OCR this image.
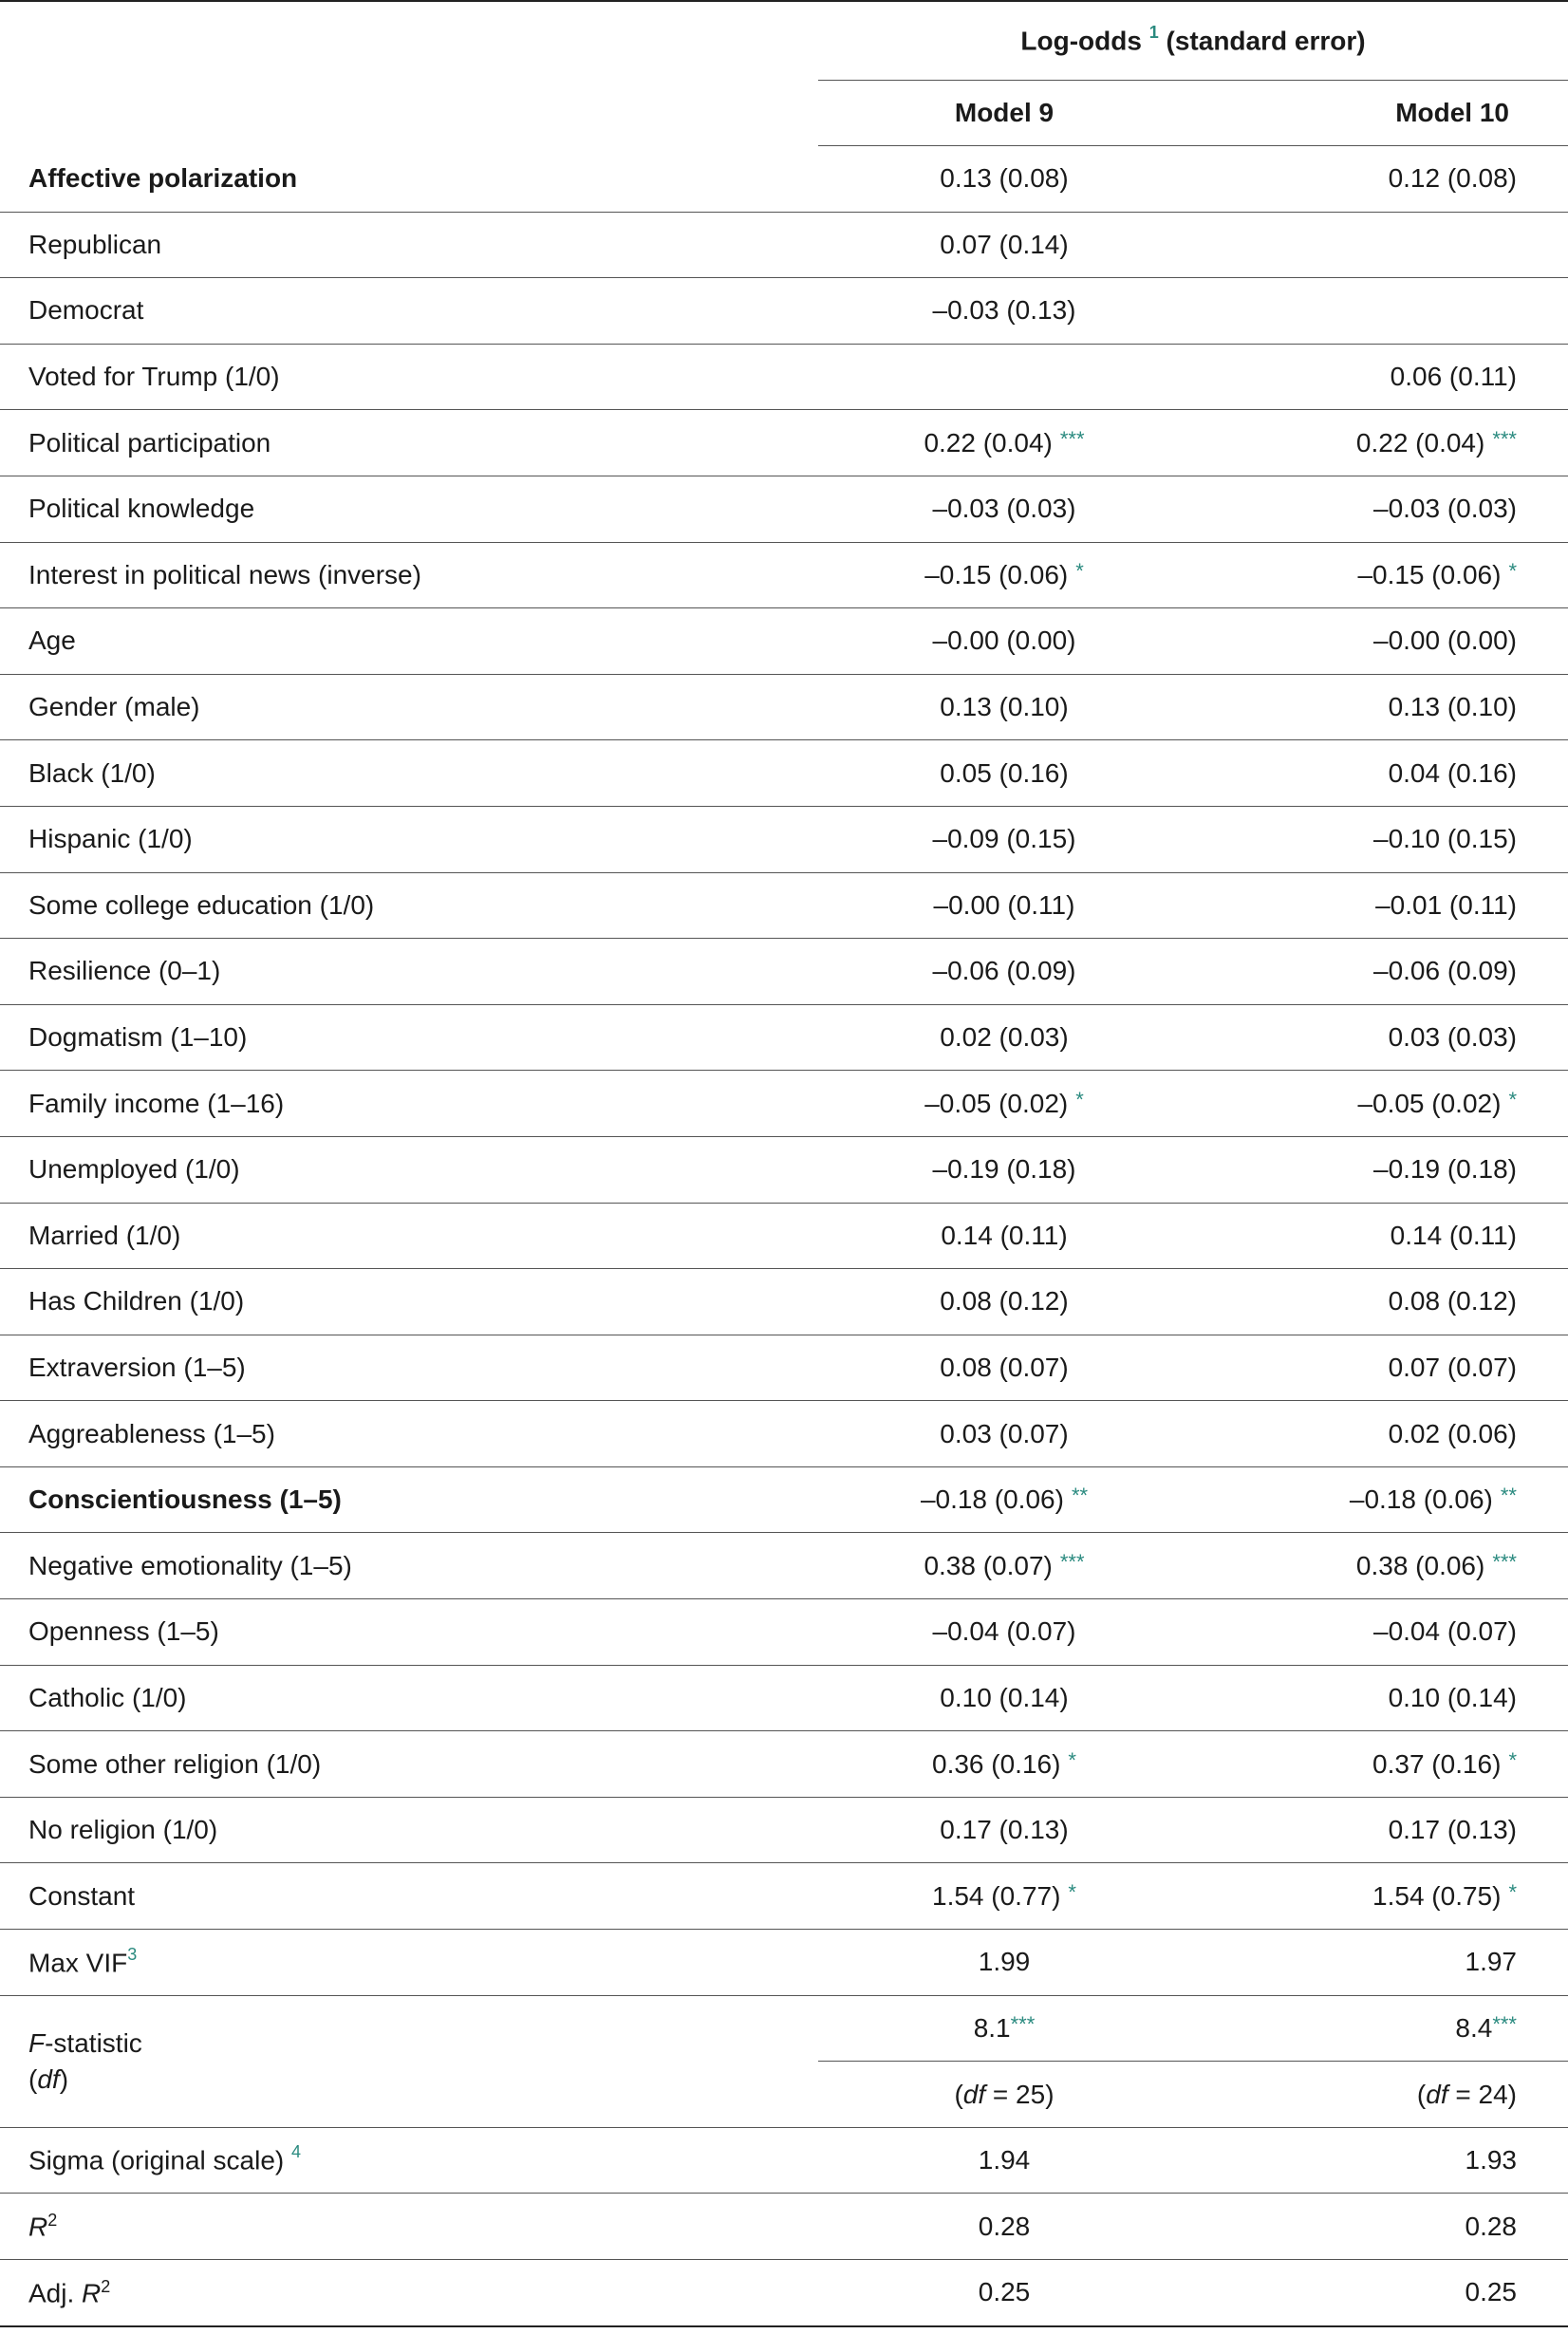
	Log-odds $^1$ (standard error)	
	Model 9	Model 10
Affective polarization	0.13 (0.08)	0.12 (0.08)
Republican	0.07 (0.14)	
Democrat	–0.03 (0.13)	
Voted for Trump (1/0)		0.06 (0.11)
Political participation	0.22 (0.04) ***	0.22 (0.04) ***
Political knowledge	–0.03 (0.03)	–0.03 (0.03)
Interest in political news (inverse)	–0.15 (0.06) *	–0.15 (0.06) *
Age	–0.00 (0.00)	–0.00 (0.00)
Gender (male)	0.13 (0.10)	0.13 (0.10)
Black (1/0)	0.05 (0.16)	0.04 (0.16)
Hispanic (1/0)	–0.09 (0.15)	–0.10 (0.15)
Some college education (1/0)	–0.00 (0.11)	–0.01 (0.11)
Resilience (0–1)	–0.06 (0.09)	–0.06 (0.09)
Dogmatism (1–10)	0.02 (0.03)	0.03 (0.03)
Family income (1–16)	–0.05 (0.02) *	–0.05 (0.02) *
Unemployed (1/0)	–0.19 (0.18)	–0.19 (0.18)
Married (1/0)	0.14 (0.11)	0.14 (0.11)
Has Children (1/0)	0.08 (0.12)	0.08 (0.12)
Extraversion (1–5)	0.08 (0.07)	0.07 (0.07)
Aggreableness (1–5)	0.03 (0.07)	0.02 (0.06)
Conscientiousness (1–5)	–0.18 (0.06) **	–0.18 (0.06) **
Negative emotionality (1–5)	0.38 (0.07) ***	0.38 (0.06) ***
Openness (1–5)	–0.04 (0.07)	–0.04 (0.07)
Catholic (1/0)	0.10 (0.14)	0.10 (0.14)
Some other religion (1/0)	0.36 (0.16) *	0.37 (0.16) *
No religion (1/0)	0.17 (0.13)	0.17 (0.13)
Constant	1.54 (0.77) *	1.54 (0.75) *
Max VIF$^3$	1.99	1.97

F-statistic
(df)	8.1***	8.4***
	(df = 25)	(df = 24)
Sigma (original scale) $^4$	1.94	1.93
$R^2$	0.28	0.28
Adj. $R^2$	0.25	0.25
